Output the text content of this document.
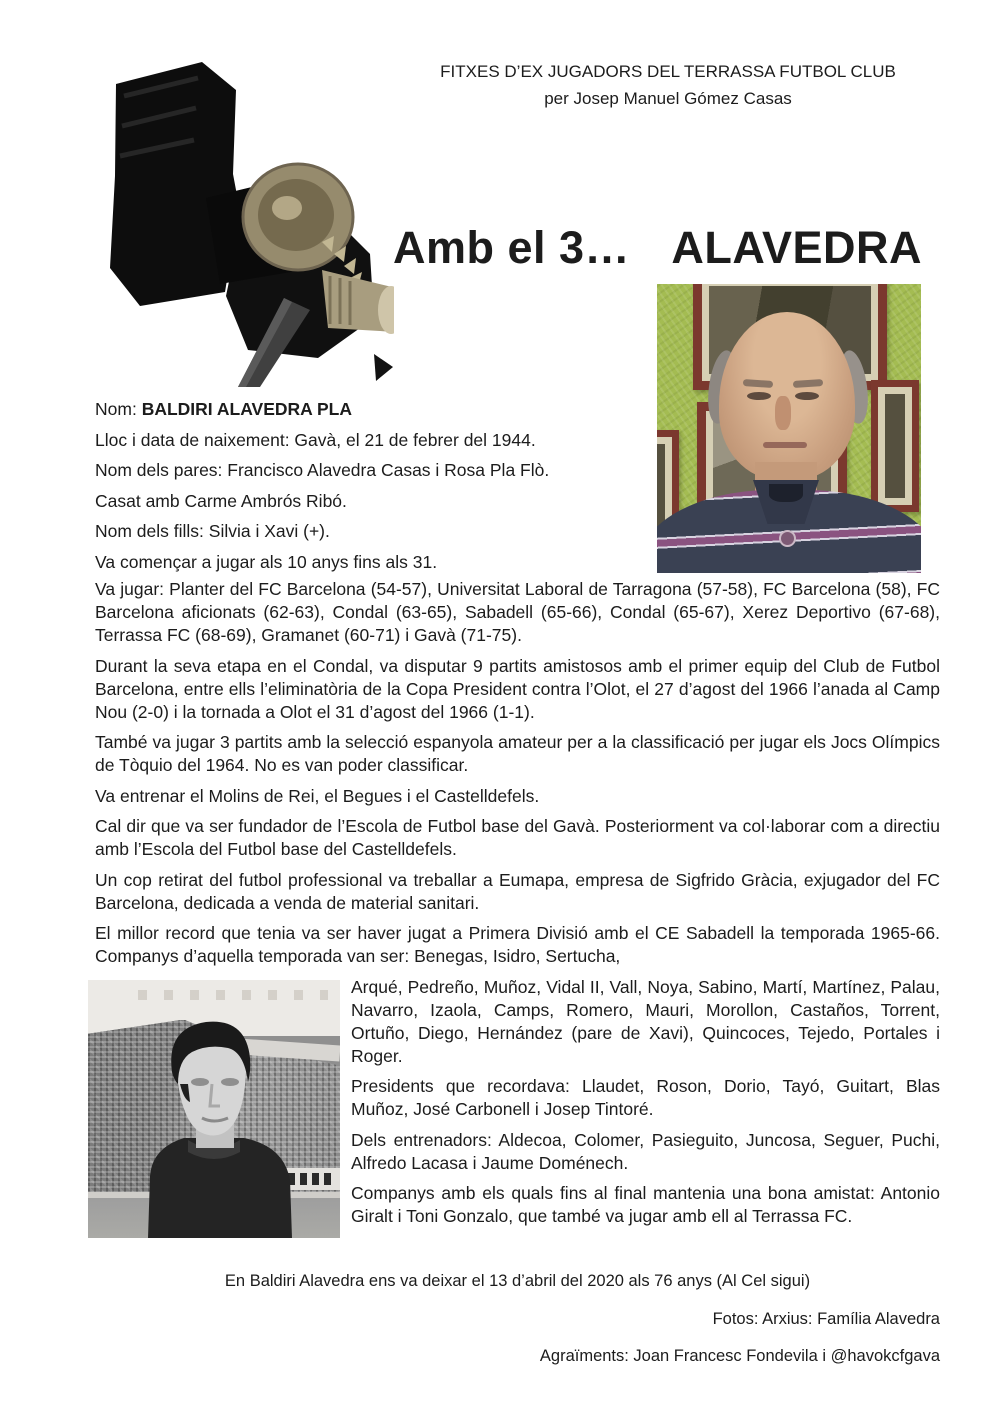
FITXES D’EX JUGADORS DEL TERRASSA FUTBOL CLUB
per Josep Manuel Gómez Casas
Amb el 3… ALAVEDRA

Nom: BALDIRI ALAVEDRA PLA

Lloc i data de naixement: Gavà, el 21 de febrer del 1944.

Nom dels pares: Francisco Alavedra Casas i Rosa Pla Flò.

Casat amb Carme Ambrós Ribó.

Nom dels fills: Silvia i Xavi (+).

Va començar a jugar als 10 anys fins als 31.

Va jugar: Planter del FC Barcelona (54-57), Universitat Laboral de Tarragona (57-58), FC Barcelona (58), FC Barcelona aficionats (62-63), Condal (63-65), Sabadell (65-66), Condal (65-67), Xerez Deportivo (67-68), Terrassa FC (68-69), Gramanet (60-71) i Gavà (71-75).

Durant la seva etapa en el Condal, va disputar 9 partits amistosos amb el primer equip del Club de Futbol Barcelona, entre ells l’eliminatòria de la Copa President contra l’Olot, el 27 d’agost del 1966 l’anada al Camp Nou (2-0) i la tornada a Olot el 31 d’agost del 1966 (1-1).

També va jugar 3 partits amb la selecció espanyola amateur per a la classificació per jugar els Jocs Olímpics de Tòquio del 1964. No es van poder classificar.

Va entrenar el Molins de Rei, el Begues i el Castelldefels.

Cal dir que va ser fundador de l’Escola de Futbol base del Gavà. Posteriorment va col·laborar com a directiu amb l’Escola del Futbol base del Castelldefels.

Un cop retirat del futbol professional va treballar a Eumapa, empresa de Sigfrido Gràcia, exjugador del FC Barcelona, dedicada a venda de material sanitari.

El millor record que tenia va ser haver jugat a Primera Divisió amb el CE Sabadell la temporada 1965-66. Companys d’aquella temporada van ser: Benegas, Isidro, Sertucha,

Arqué, Pedreño, Muñoz, Vidal II, Vall, Noya, Sabino, Martí, Martínez, Palau, Navarro, Izaola, Camps, Romero, Mauri, Morollon, Castaños, Torrent, Ortuño, Diego, Hernández (pare de Xavi), Quincoces, Tejedo, Portales i Roger.

Presidents que recordava: Llaudet, Roson, Dorio, Tayó, Guitart, Blas Muñoz, José Carbonell i Josep Tintoré.

Dels entrenadors: Aldecoa, Colomer, Pasieguito, Juncosa, Seguer, Puchi, Alfredo Lacasa i Jaume Doménech.

Companys amb els quals fins al final mantenia una bona amistat: Antonio Giralt i Toni Gonzalo, que també va jugar amb ell al Terrassa FC.

En Baldiri Alavedra ens va deixar el 13 d’abril del 2020 als 76 anys (Al Cel sigui)

Fotos: Arxius: Família Alavedra

Agraïments: Joan Francesc Fondevila i @havokcfgava
